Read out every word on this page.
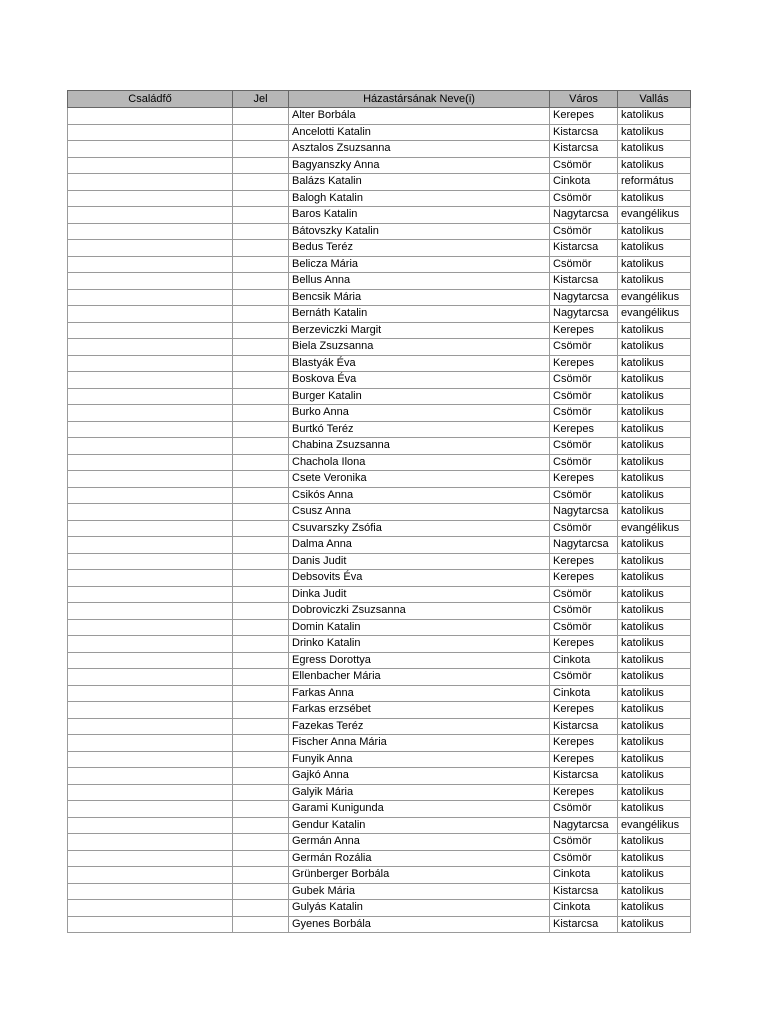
Családfő	Jel	Házastársának Neve(i)	Város	Vallás
		Alter Borbála	Kerepes	katolikus
		Ancelotti Katalin	Kistarcsa	katolikus
		Asztalos Zsuzsanna	Kistarcsa	katolikus
		Bagyanszky Anna	Csömör	katolikus
		Balázs Katalin	Cinkota	református
		Balogh Katalin	Csömör	katolikus
		Baros Katalin	Nagytarcsa	evangélikus
		Bátovszky Katalin	Csömör	katolikus
		Bedus Teréz	Kistarcsa	katolikus
		Belicza Mária	Csömör	katolikus
		Bellus Anna	Kistarcsa	katolikus
		Bencsik Mária	Nagytarcsa	evangélikus
		Bernáth Katalin	Nagytarcsa	evangélikus
		Berzeviczki Margit	Kerepes	katolikus
		Biela Zsuzsanna	Csömör	katolikus
		Blastyák Éva	Kerepes	katolikus
		Boskova Éva	Csömör	katolikus
		Burger Katalin	Csömör	katolikus
		Burko Anna	Csömör	katolikus
		Burtkó Teréz	Kerepes	katolikus
		Chabina Zsuzsanna	Csömör	katolikus
		Chachola Ilona	Csömör	katolikus
		Csete Veronika	Kerepes	katolikus
		Csikós Anna	Csömör	katolikus
		Csusz Anna	Nagytarcsa	katolikus
		Csuvarszky Zsófia	Csömör	evangélikus
		Dalma Anna	Nagytarcsa	katolikus
		Danis Judit	Kerepes	katolikus
		Debsovits Éva	Kerepes	katolikus
		Dinka Judit	Csömör	katolikus
		Dobroviczki Zsuzsanna	Csömör	katolikus
		Domin Katalin	Csömör	katolikus
		Drinko Katalin	Kerepes	katolikus
		Egress Dorottya	Cinkota	katolikus
		Ellenbacher Mária	Csömör	katolikus
		Farkas Anna	Cinkota	katolikus
		Farkas erzsébet	Kerepes	katolikus
		Fazekas Teréz	Kistarcsa	katolikus
		Fischer Anna Mária	Kerepes	katolikus
		Funyik Anna	Kerepes	katolikus
		Gajkó Anna	Kistarcsa	katolikus
		Galyik Mária	Kerepes	katolikus
		Garami Kunigunda	Csömör	katolikus
		Gendur Katalin	Nagytarcsa	evangélikus
		Germán Anna	Csömör	katolikus
		Germán Rozália	Csömör	katolikus
		Grünberger Borbála	Cinkota	katolikus
		Gubek Mária	Kistarcsa	katolikus
		Gulyás Katalin	Cinkota	katolikus
		Gyenes Borbála	Kistarcsa	katolikus
